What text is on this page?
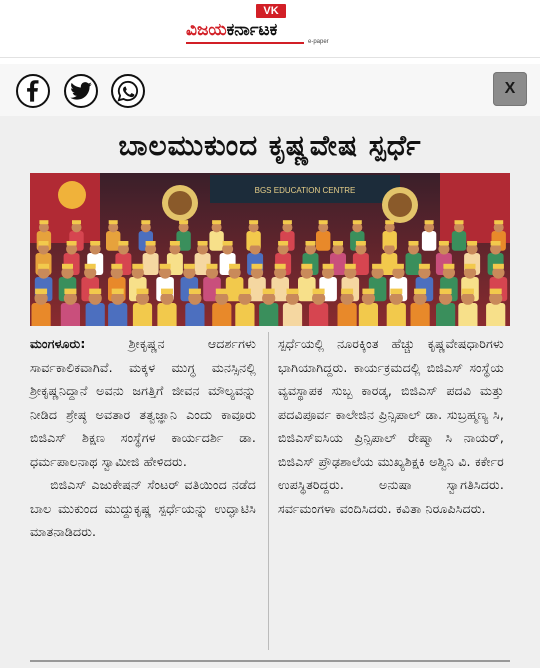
VK
ವಿಜಯಕರ್ನಾಟಕ
e-paper
X
ಬಾಲಮುಕುಂದ ಕೃಷ್ಣವೇಷ ಸ್ಪರ್ಧೆ
BGS EDUCATION CENTRE

ಮಂಗಳೂರು:	ಶ್ರೀಕೃಷ್ಣನ ಆದರ್ಶಗಳು ಸಾರ್ವಕಾಲಿಕವಾಗಿವೆ. ಮಕ್ಕಳ ಮುಗ್ಧ ಮನಸ್ಸಿನಲ್ಲಿ ಶ್ರೀಕೃಷ್ಣನಿದ್ದಾನೆ ಅವನು ಜಗತ್ತಿಗೆ ಜೀವನ ಮೌಲ್ಯವನ್ನು ನೀಡಿದ ಶ್ರೇಷ್ಠ ಅವತಾರ ತತ್ವಜ್ಞಾನಿ ಎಂದು ಕಾವೂರು ಬಿಜಿಎಸ್ ಶಿಕ್ಷಣ ಸಂಸ್ಥೆಗಳ ಕಾರ್ಯದರ್ಶಿ ಡಾ. ಧರ್ಮಪಾಲನಾಥ ಸ್ವಾಮೀಜಿ ಹೇಳಿದರು.

ಬಿಜಿಎಸ್ ಎಜುಕೇಷನ್ ಸೆಂಟರ್ ವತಿಯಿಂದ ನಡೆದ ಬಾಲ ಮುಕುಂದ ಮುದ್ದುಕೃಷ್ಣ ಸ್ಪರ್ಧೆಯನ್ನು ಉದ್ಘಾಟಿಸಿ ಮಾತನಾಡಿದರು.

ಸ್ಪರ್ಧೆಯಲ್ಲಿ ನೂರಕ್ಕಿಂತ ಹೆಚ್ಚು ಕೃಷ್ಣವೇಷಧಾರಿಗಳು ಭಾಗಿಯಾಗಿದ್ದರು. ಕಾರ್ಯಕ್ರಮದಲ್ಲಿ ಬಿಜಿಎಸ್ ಸಂಸ್ಥೆಯ ವ್ಯವಸ್ಥಾಪಕ ಸುಬ್ಬ ಕಾರಡ್ಕ, ಬಿಜಿಎಸ್ ಪದವಿ ಮತ್ತು ಪದವಿಪೂರ್ವ ಕಾಲೇಜಿನ ಪ್ರಿನ್ಸಿಪಾಲ್ ಡಾ. ಸುಬ್ರಹ್ಮಣ್ಯ ಸಿ, ಬಿಜಿಎಸ್‌ಐಸಿಯ ಪ್ರಿನ್ಸಿಪಾಲ್ ರೇಷ್ಮಾ ಸಿ ನಾಯರ್, ಬಿಜಿಎಸ್ ಪ್ರೌಢಶಾಲೆಯ ಮುಖ್ಯಶಿಕ್ಷಕಿ ಅಶ್ವಿನಿ ವಿ. ಕರ್ಕೇರ ಉಪಸ್ಥಿತರಿದ್ದರು. ಅನುಷಾ ಸ್ವಾಗತಿಸಿದರು. ಸರ್ವಮಂಗಳಾ ವಂದಿಸಿದರು. ಕವಿತಾ ನಿರೂಪಿಸಿದರು.
